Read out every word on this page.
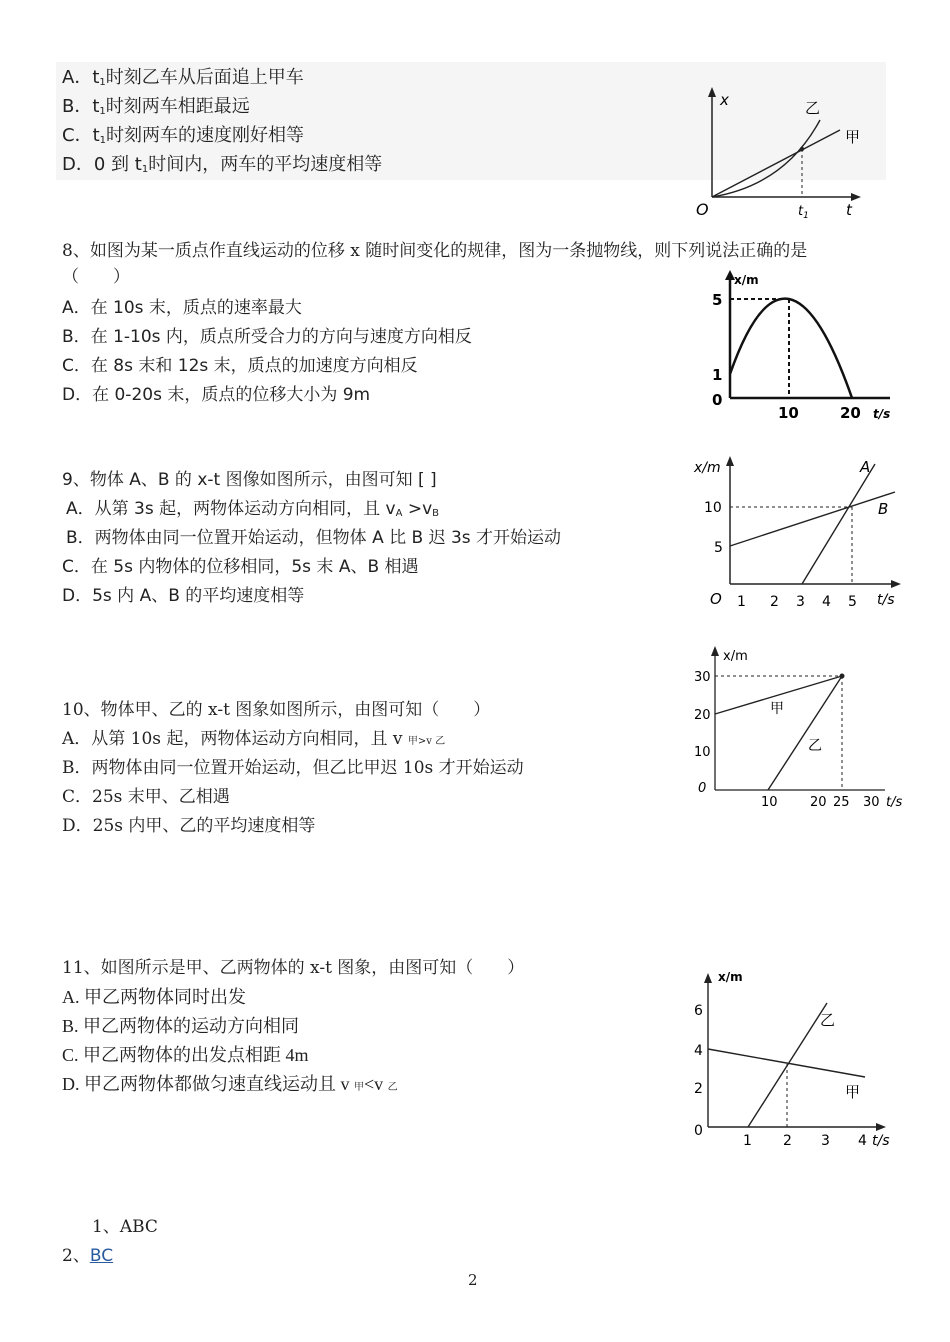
A．$t_1$时刻乙车从后面追上甲车
B．$t_1$时刻两车相距最远
C．$t_1$时刻两车的速度刚好相等
D．0 到 $t_1$时间内，两车的平均速度相等
x
t
O	$t_1$
乙
甲
8、如图为某一质点作直线运动的位移 x 随时间变化的规律，图为一条抛物线，则下列说法正确的是
（　　）
A．在 10s 末，质点的速率最大
B．在 1-10s 内，质点所受合力的方向与速度方向相反
C．在 8s 末和 12s 末，质点的加速度方向相反
D．在 0-20s 末，质点的位移大小为 9m
x/m
t/s
5
1
0
10	20
9、物体 A、B 的 x-t 图像如图所示，由图可知 [ ]
A．从第 3s 起，两物体运动方向相同，且 $v_A >v_B$
B．两物体由同一位置开始运动，但物体 A 比 B 迟 3s 才开始运动
C．在 5s 内物体的位移相同，5s 末 A、B 相遇
D．5s 内 A、B 的平均速度相等
x/m
t/s
O
10
5
1 2 3 4 5
A
B
10、物体甲、乙的 x-t 图象如图所示，由图可知（　　）
A．从第 10s 起，两物体运动方向相同，且 v 甲>v 乙
B．两物体由同一位置开始运动，但乙比甲迟 10s 才开始运动
C．25s 末甲、乙相遇
D．25s 内甲、乙的平均速度相等
x/m
t/s
0
30
20
10
10 20 25 30
甲
乙
11、如图所示是甲、乙两物体的 x-t 图象，由图可知（　　）
A. 甲乙两物体同时出发
B. 甲乙两物体的运动方向相同
C. 甲乙两物体的出发点相距 4m
D. 甲乙两物体都做匀速直线运动且 v 甲<v 乙
x/m
t/s
6
4
2
0
1 2 3 4
乙
甲
1、ABC
2、BC
2
